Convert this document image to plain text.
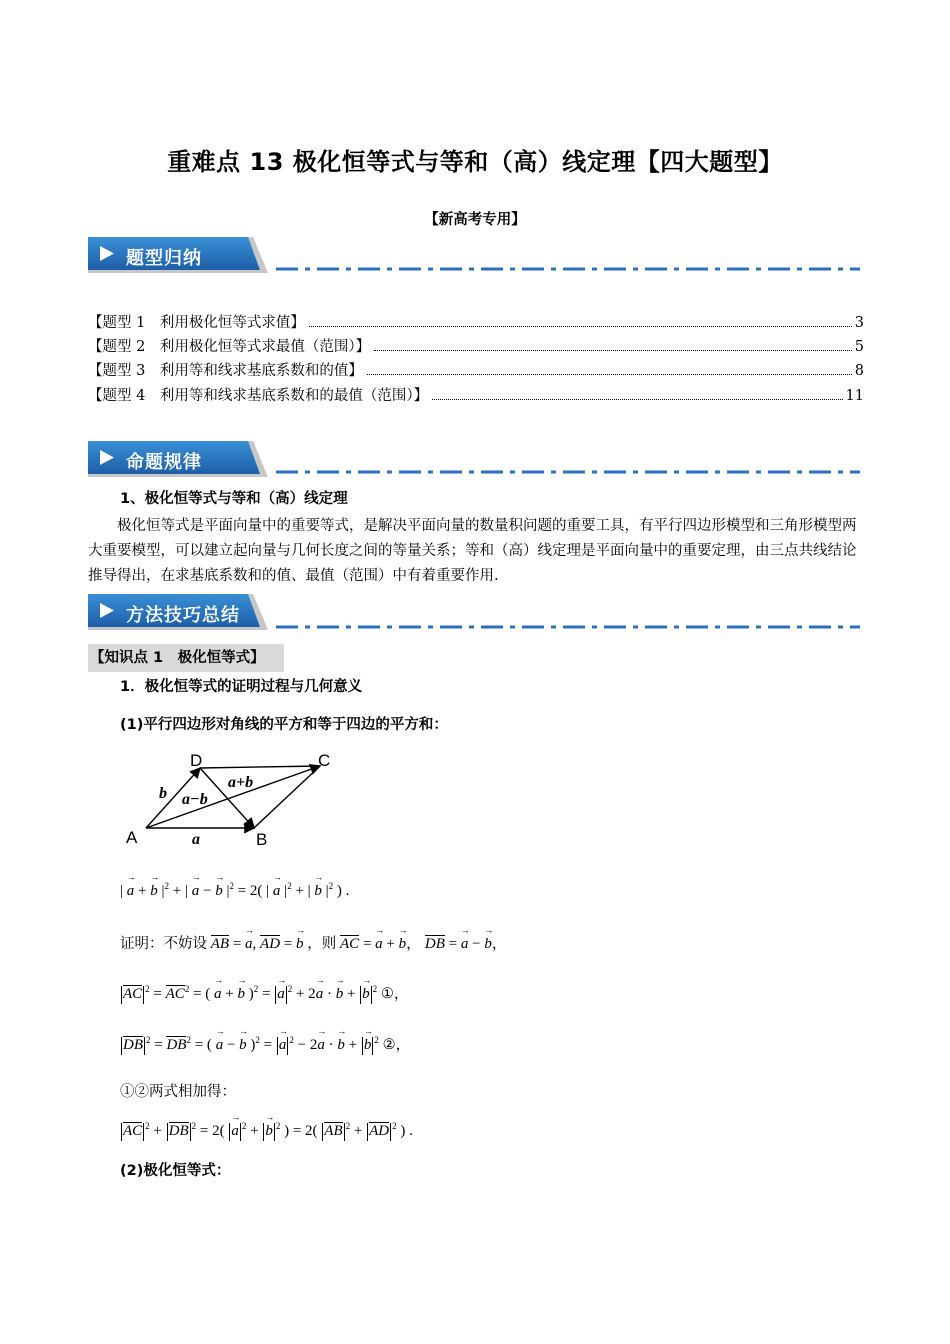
重难点 13 极化恒等式与等和（高）线定理【四大题型】
【新高考专用】
题型归纳
【题型 1　利用极化恒等式求值】	3
【题型 2　利用极化恒等式求最值（范围）】	5
【题型 3　利用等和线求基底系数和的值】	8
【题型 4　利用等和线求基底系数和的最值（范围）】	11
命题规律
1、极化恒等式与等和（高）线定理
极化恒等式是平面向量中的重要等式，是解决平面向量的数量积问题的重要工具，有平行四边形模型和三角形模型两大重要模型，可以建立起向量与几何长度之间的等量关系；等和（高）线定理是平面向量中的重要定理，由三点共线结论推导得出，在求基底系数和的值、最值（范围）中有着重要作用.
方法技巧总结
【知识点 1　极化恒等式】
1．极化恒等式的证明过程与几何意义
(1)平行四边形对角线的平方和等于四边的平方和：
A	B
D	C
a
b a−b
a+b
| → a + → b $|^2$ + | → a − → b $|^2 = 2$( | → a $|^2$ + | → b $|^2$ ) .
证明：不妨设 AB = → a, AD = → b ，则 AC = → a + → b， DB = → a − → b，
AC $^2 = AC^2$ = ( → a + → b )$^2$ = → a $^2$ + 2→ a · → b + → b $^2$ ①，
DB $^2 = DB^2$ = ( → a − → b )$^2$ = → a $^2$ − 2→ a · → b + → b $^2$ ②，
①②两式相加得：
AC $^2$ + DB $^2$ = 2( → a $^2$ + → b $^2$ ) = 2( AB $^2$ + AD $^2$ ) .
(2)极化恒等式：
